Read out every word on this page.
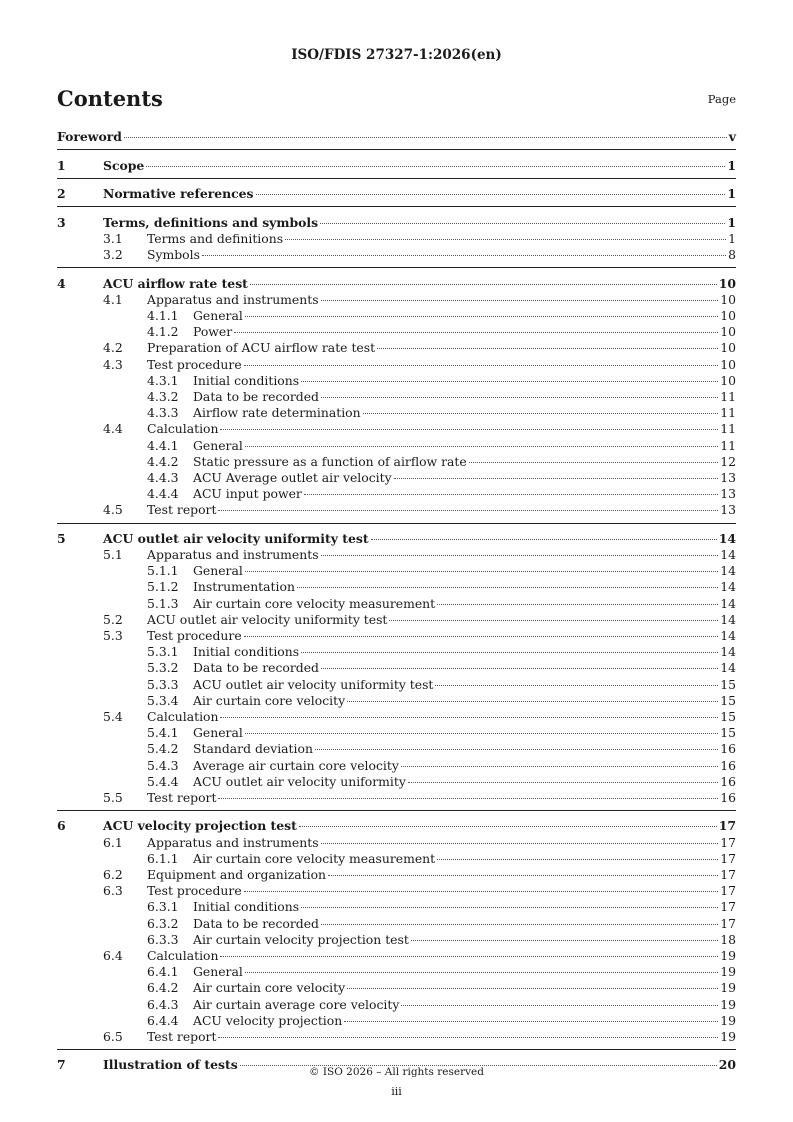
ISO/FDIS 27327-1:2026(en)
Contents	Page
Foreword	v
1	Scope	1
2	Normative references	1
3	Terms, definitions and symbols	1
3.1	Terms and definitions	1
3.2	Symbols	8
4	ACU airflow rate test	10
4.1	Apparatus and instruments	10
4.1.1	General	10
4.1.2	Power	10
4.2	Preparation of ACU airflow rate test	10
4.3	Test procedure	10
4.3.1	Initial conditions	10
4.3.2	Data to be recorded	11
4.3.3	Airflow rate determination	11
4.4	Calculation	11
4.4.1	General	11
4.4.2	Static pressure as a function of airflow rate	12
4.4.3	ACU Average outlet air velocity	13
4.4.4	ACU input power	13
4.5	Test report	13
5	ACU outlet air velocity uniformity test	14
5.1	Apparatus and instruments	14
5.1.1	General	14
5.1.2	Instrumentation	14
5.1.3	Air curtain core velocity measurement	14
5.2	ACU outlet air velocity uniformity test	14
5.3	Test procedure	14
5.3.1	Initial conditions	14
5.3.2	Data to be recorded	14
5.3.3	ACU outlet air velocity uniformity test	15
5.3.4	Air curtain core velocity	15
5.4	Calculation	15
5.4.1	General	15
5.4.2	Standard deviation	16
5.4.3	Average air curtain core velocity	16
5.4.4	ACU outlet air velocity uniformity	16
5.5	Test report	16
6	ACU velocity projection test	17
6.1	Apparatus and instruments	17
6.1.1	Air curtain core velocity measurement	17
6.2	Equipment and organization	17
6.3	Test procedure	17
6.3.1	Initial conditions	17
6.3.2	Data to be recorded	17
6.3.3	Air curtain velocity projection test	18
6.4	Calculation	19
6.4.1	General	19
6.4.2	Air curtain core velocity	19
6.4.3	Air curtain average core velocity	19
6.4.4	ACU velocity projection	19
6.5	Test report	19
7	Illustration of tests	20
© ISO 2026 – All rights reserved
iii
